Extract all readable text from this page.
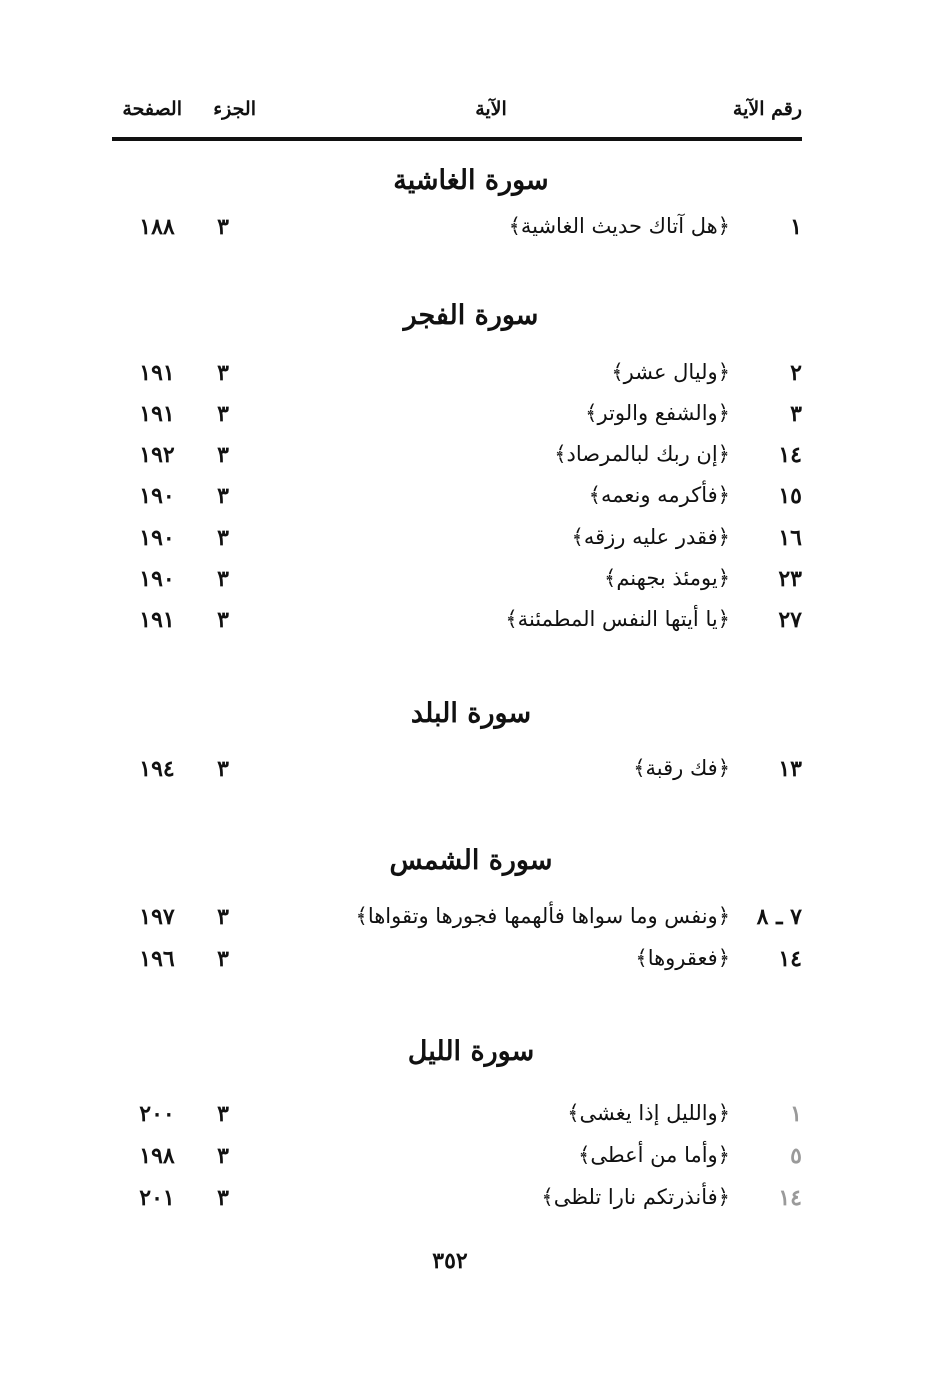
رقم الآية
الآية
الجزء
الصفحة
سورة الغاشية
١
﴿هل آتاك حديث الغاشية﴾
٣
١٨٨
سورة الفجر
٢
﴿وليال عشر﴾
٣
١٩١
٣
﴿والشفع والوتر﴾
٣
١٩١
١٤
﴿إن ربك لبالمرصاد﴾
٣
١٩٢
١٥
﴿فأكرمه ونعمه﴾
٣
١٩٠
١٦
﴿فقدر عليه رزقه﴾
٣
١٩٠
٢٣
﴿يومئذ بجهنم﴾
٣
١٩٠
٢٧
﴿يا أيتها النفس المطمئنة﴾
٣
١٩١
سورة البلد
١٣
﴿فك رقبة﴾
٣
١٩٤
سورة الشمس
٧ ـ ٨
﴿ونفس وما سواها فألهمها فجورها وتقواها﴾
٣
١٩٧
١٤
﴿فعقروها﴾
٣
١٩٦
سورة الليل
١
﴿والليل إذا يغشى﴾
٣
٢٠٠
٥
﴿وأما من أعطى﴾
٣
١٩٨
١٤
﴿فأنذرتكم نارا تلظى﴾
٣
٢٠١
٣٥٢
